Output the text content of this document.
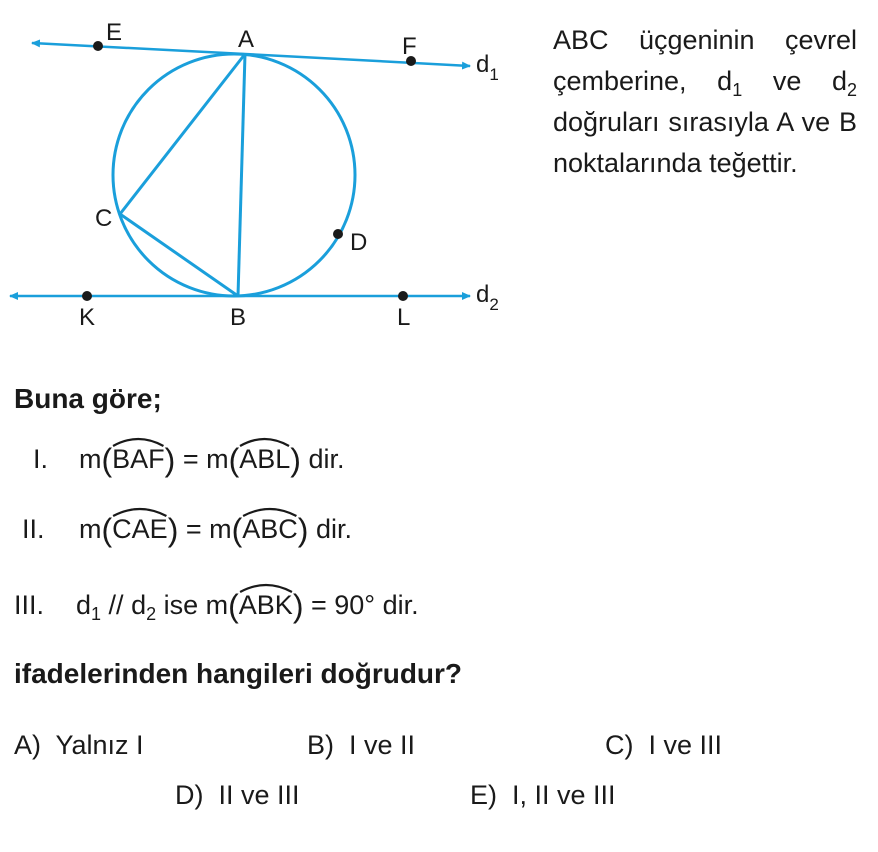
E	A	F
C
D
K	B	L
$d_1$
$d_2$
ABC üçgeninin çevrel çemberine, $d_1$ ve $d_2$ doğruları sırasıyla A ve B noktalarında teğettir.
Buna göre;
I. m(
BAF) = m(
ABL) dir.
II. m(
CAE) = m(
ABC) dir.
III. $d_1 // d_2$ ise m(
ABK) = 90° dir.
ifadelerinden hangileri doğrudur?
A) Yalnız I	B) I ve II	C) I ve III
D) II ve III	E) I, II ve III
